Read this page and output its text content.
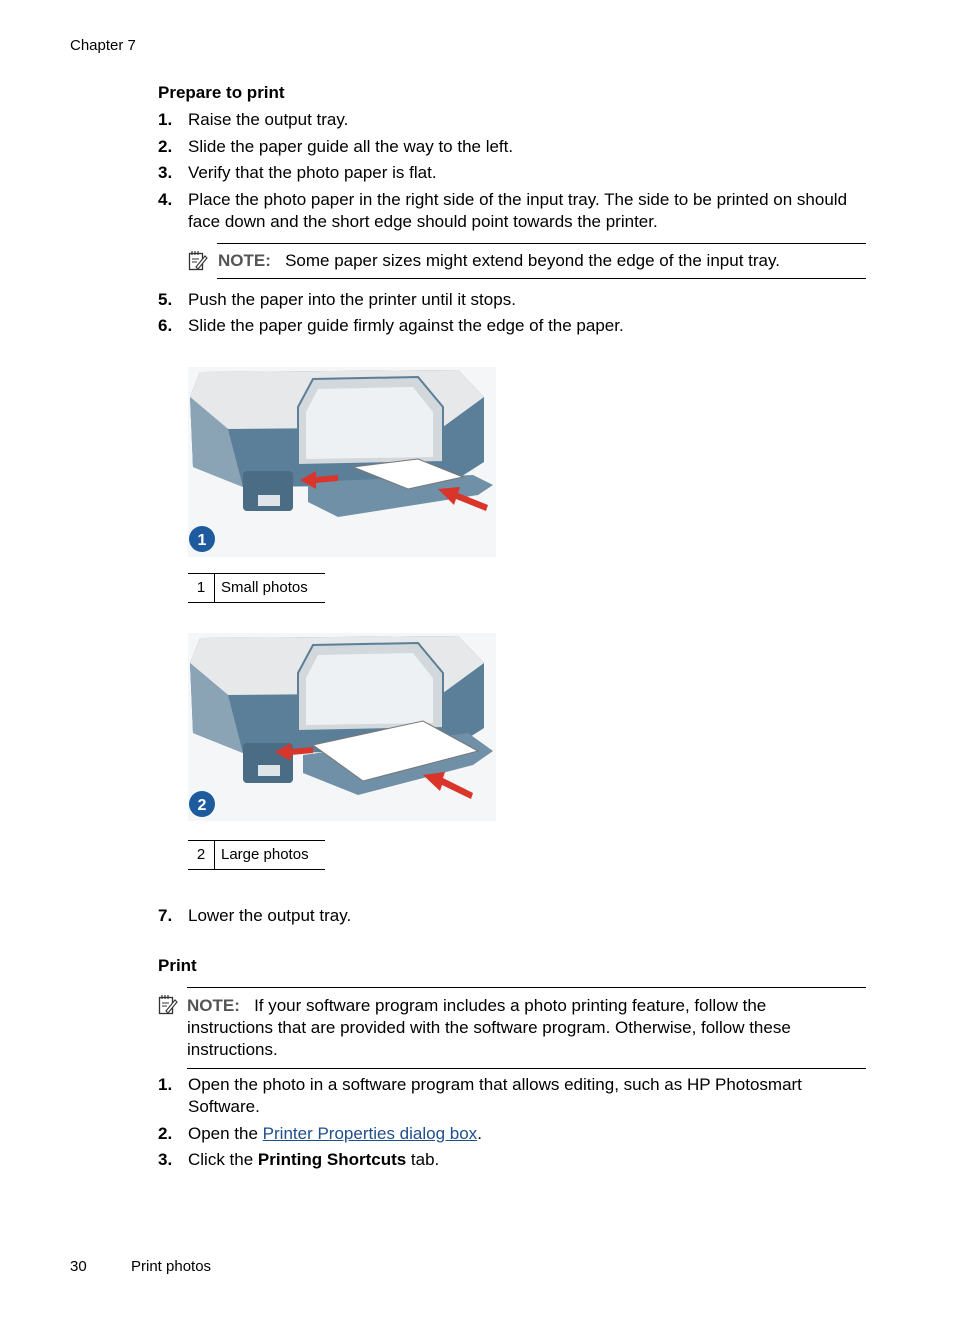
Chapter 7
Prepare to print
1. Raise the output tray.
2. Slide the paper guide all the way to the left.
3. Verify that the photo paper is flat.
4. Place the photo paper in the right side of the input tray. The side to be printed on should face down and the short edge should point towards the printer.
NOTE: Some paper sizes might extend beyond the edge of the input tray.
5. Push the paper into the printer until it stops.
6. Slide the paper guide firmly against the edge of the paper.
1
1	Small photos
2
2	Large photos
7. Lower the output tray.
Print
NOTE: If your software program includes a photo printing feature, follow the instructions that are provided with the software program. Otherwise, follow these instructions.
1. Open the photo in a software program that allows editing, such as HP Photosmart Software.
2. Open the Printer Properties dialog box.
3. Click the Printing Shortcuts tab.
30	Print photos
